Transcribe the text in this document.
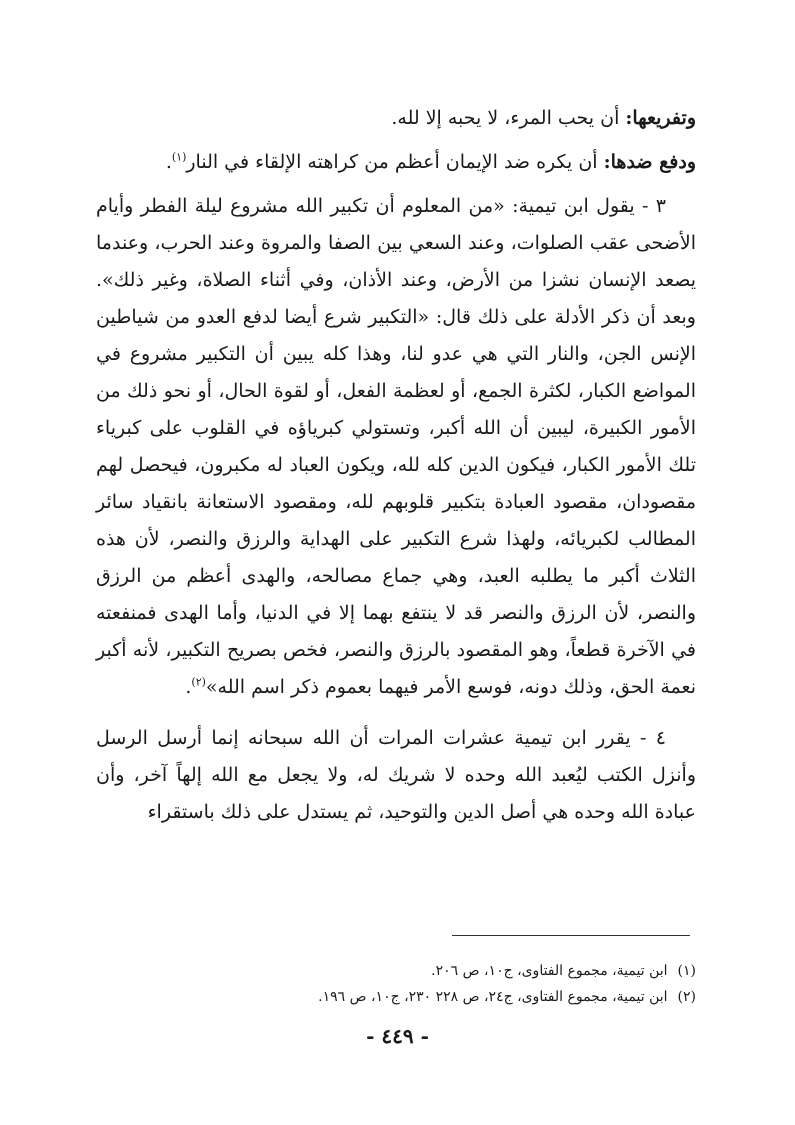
وتفريعها: أن يحب المرء، لا يحبه إلا لله.

ودفع ضدها: أن يكره ضد الإيمان أعظم من كراهته الإلقاء في النار$^{(١)}$.

٣ - يقول ابن تيمية: «من المعلوم أن تكبير الله مشروع ليلة الفطر وأيام الأضحى عقب الصلوات، وعند السعي بين الصفا والمروة وعند الحرب، وعندما يصعد الإنسان نشزا من الأرض، وعند الأذان، وفي أثناء الصلاة، وغير ذلك». وبعد أن ذكر الأدلة على ذلك قال: «التكبير شرع أيضا لدفع العدو من شياطين الإنس الجن، والنار التي هي عدو لنا، وهذا كله يبين أن التكبير مشروع في المواضع الكبار، لكثرة الجمع، أو لعظمة الفعل، أو لقوة الحال، أو نحو ذلك من الأمور الكبيرة، ليبين أن الله أكبر، وتستولي كبرياؤه في القلوب على كبرياء تلك الأمور الكبار، فيكون الدين كله لله، ويكون العباد له مكبرون، فيحصل لهم مقصودان، مقصود العبادة بتكبير قلوبهم لله، ومقصود الاستعانة بانقياد سائر المطالب لكبريائه، ولهذا شرع التكبير على الهداية والرزق والنصر، لأن هذه الثلاث أكبر ما يطلبه العبد، وهي جماع مصالحه، والهدى أعظم من الرزق والنصر، لأن الرزق والنصر قد لا ينتفع بهما إلا في الدنيا، وأما الهدى فمنفعته في الآخرة قطعاً، وهو المقصود بالرزق والنصر، فخص بصريح التكبير، لأنه أكبر نعمة الحق، وذلك دونه، فوسع الأمر فيهما بعموم ذكر اسم الله»$^{(٢)}$.

٤ - يقرر ابن تيمية عشرات المرات أن الله سبحانه إنما أرسل الرسل وأنزل الكتب ليُعبد الله وحده لا شريك له، ولا يجعل مع الله إلهاً آخر، وأن عبادة الله وحده هي أصل الدين والتوحيد، ثم يستدل على ذلك باستقراء

(١)ابن تيمية، مجموع الفتاوى، ج١٠، ص ٢٠٦.

(٢)ابن تيمية، مجموع الفتاوى، ج٢٤، ص ٢٢٨ ٢٣٠، ج١٠، ص ١٩٦.

- ٤٤٩ -
